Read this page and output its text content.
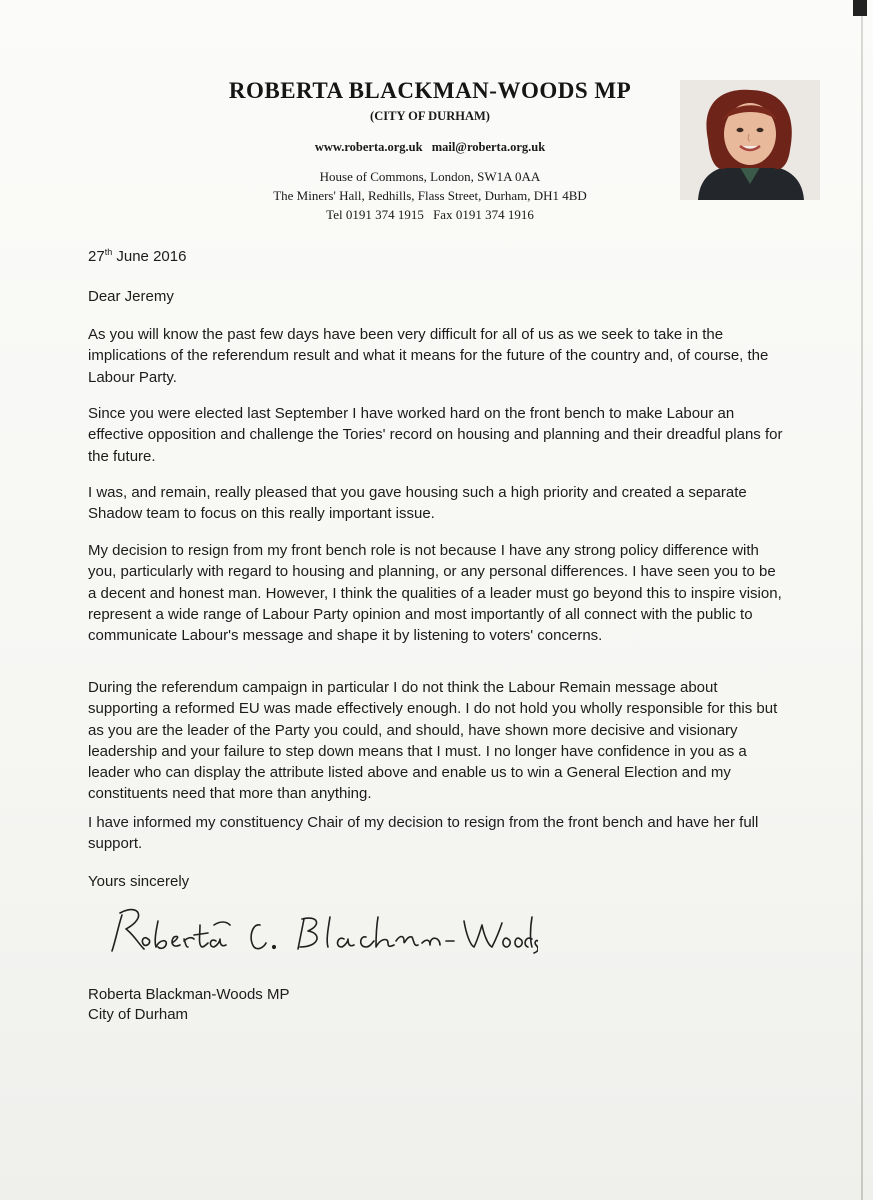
ROBERTA BLACKMAN-WOODS MP
(CITY OF DURHAM)
www.roberta.org.uk mail@roberta.org.uk
House of Commons, London, SW1A 0AA
The Miners' Hall, Redhills, Flass Street, Durham, DH1 4BD
Tel 0191 374 1915 Fax 0191 374 1916
27th June 2016
Dear Jeremy
As you will know the past few days have been very difficult for all of us as we seek to take in the implications of the referendum result and what it means for the future of the country and, of course, the Labour Party.
Since you were elected last September I have worked hard on the front bench to make Labour an effective opposition and challenge the Tories' record on housing and planning and their dreadful plans for the future.
I was, and remain, really pleased that you gave housing such a high priority and created a separate Shadow team to focus on this really important issue.
My decision to resign from my front bench role is not because I have any strong policy difference with you, particularly with regard to housing and planning, or any personal differences. I have seen you to be a decent and honest man. However, I think the qualities of a leader must go beyond this to inspire vision, represent a wide range of Labour Party opinion and most importantly of all connect with the public to communicate Labour's message and shape it by listening to voters' concerns.
During the referendum campaign in particular I do not think the Labour Remain message about supporting a reformed EU was made effectively enough. I do not hold you wholly responsible for this but as you are the leader of the Party you could, and should, have shown more decisive and visionary leadership and your failure to step down means that I must. I no longer have confidence in you as a leader who can display the attribute listed above and enable us to win a General Election and my constituents need that more than anything.
I have informed my constituency Chair of my decision to resign from the front bench and have her full support.
Yours sincerely
Roberta Blackman-Woods MP
City of Durham
